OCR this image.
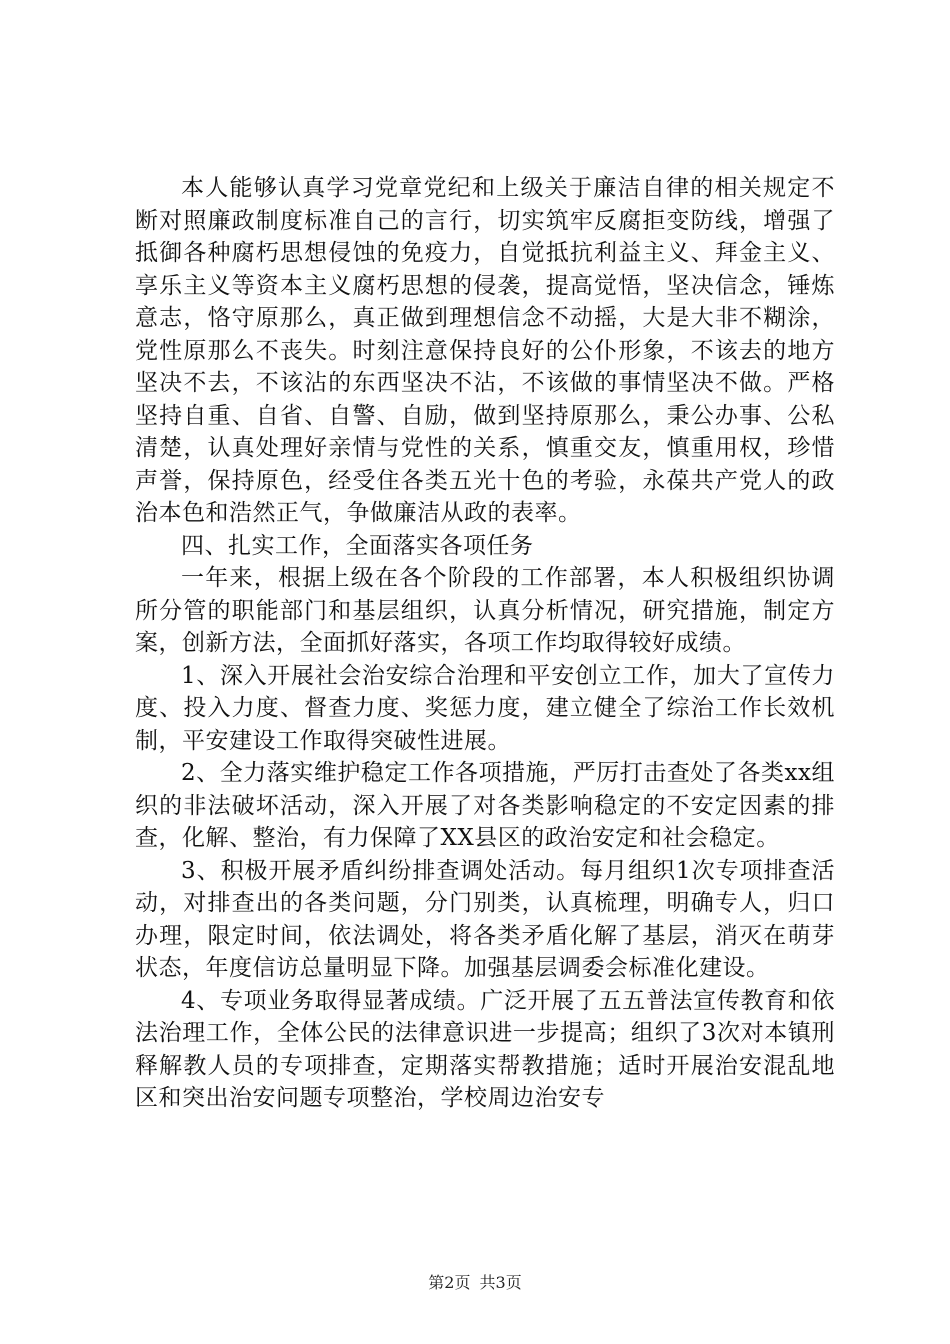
本人能够认真学习党章党纪和上级关于廉洁自律的相关规定不断对照廉政制度标准自己的言行，切实筑牢反腐拒变防线，增强了抵御各种腐朽思想侵蚀的免疫力，自觉抵抗利益主义、拜金主义、享乐主义等资本主义腐朽思想的侵袭，提高觉悟，坚决信念，锤炼意志，恪守原那么，真正做到理想信念不动摇，大是大非不糊涂，党性原那么不丧失。时刻注意保持良好的公仆形象，不该去的地方坚决不去，不该沾的东西坚决不沾，不该做的事情坚决不做。严格坚持自重、自省、自警、自励，做到坚持原那么，秉公办事、公私清楚，认真处理好亲情与党性的关系，慎重交友，慎重用权，珍惜声誉，保持原色，经受住各类五光十色的考验，永葆共产党人的政治本色和浩然正气，争做廉洁从政的表率。

四、扎实工作，全面落实各项任务

一年来，根据上级在各个阶段的工作部署，本人积极组织协调所分管的职能部门和基层组织，认真分析情况，研究措施，制定方案，创新方法，全面抓好落实，各项工作均取得较好成绩。

1、深入开展社会治安综合治理和平安创立工作，加大了宣传力度、投入力度、督查力度、奖惩力度，建立健全了综治工作长效机制，平安建设工作取得突破性进展。

2、全力落实维护稳定工作各项措施，严厉打击查处了各类xx组织的非法破坏活动，深入开展了对各类影响稳定的不安定因素的排查，化解、整治，有力保障了XX县区的政治安定和社会稳定。

3、积极开展矛盾纠纷排查调处活动。每月组织1次专项排查活动，对排查出的各类问题，分门别类，认真梳理，明确专人，归口办理，限定时间，依法调处，将各类矛盾化解了基层，消灭在萌芽状态，年度信访总量明显下降。加强基层调委会标准化建设。

4、专项业务取得显著成绩。广泛开展了五五普法宣传教育和依法治理工作，全体公民的法律意识进一步提高；组织了3次对本镇刑释解教人员的专项排查，定期落实帮教措施；适时开展治安混乱地区和突出治安问题专项整治，学校周边治安专

第2页 共3页
